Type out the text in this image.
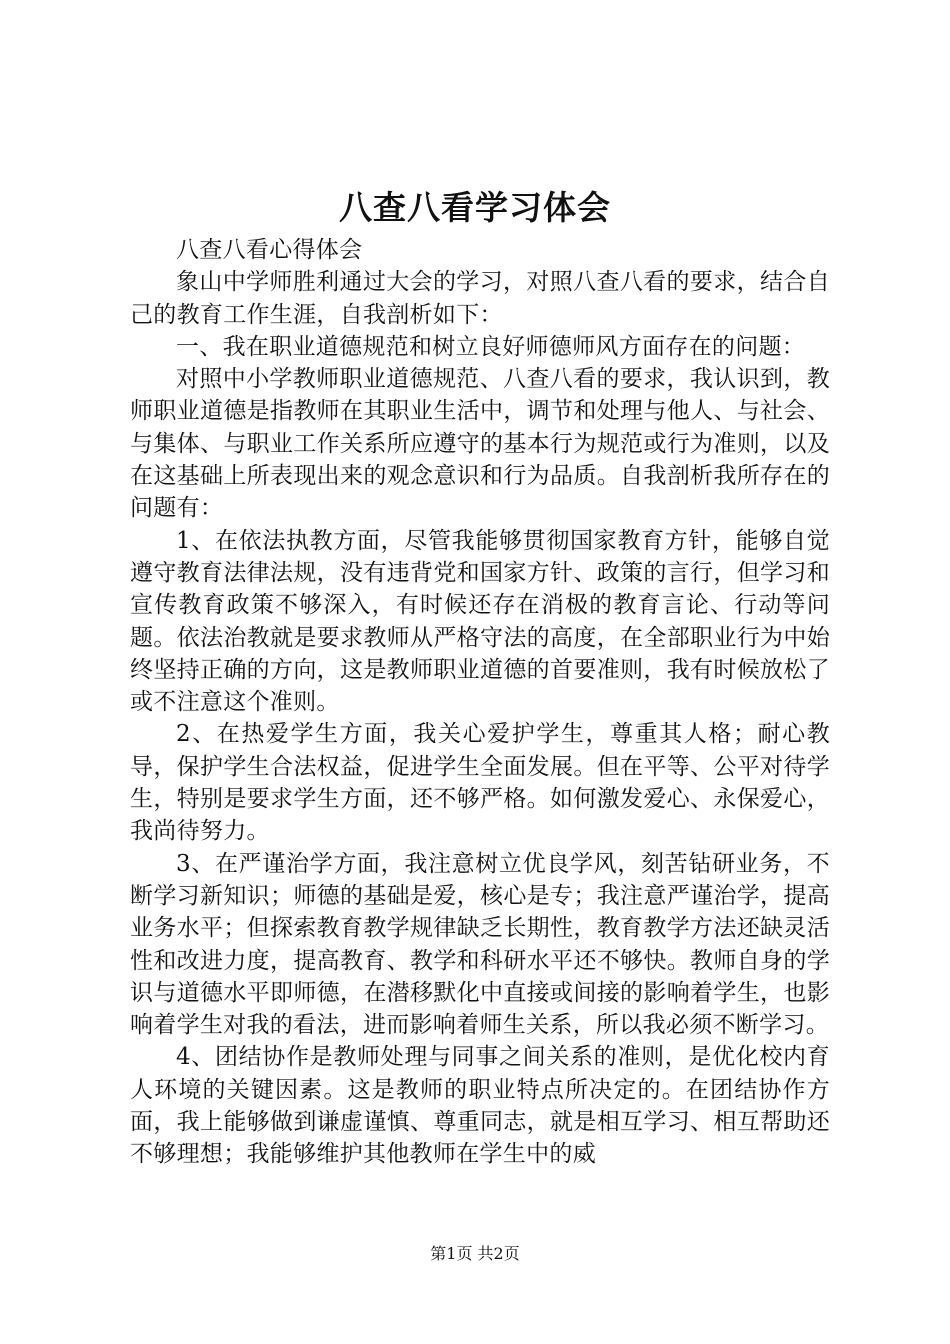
八查八看学习体会

八查八看心得体会

象山中学师胜利通过大会的学习，对照八查八看的要求，结合自己的教育工作生涯，自我剖析如下：

一、我在职业道德规范和树立良好师德师风方面存在的问题：

对照中小学教师职业道德规范、八查八看的要求，我认识到，教师职业道德是指教师在其职业生活中，调节和处理与他人、与社会、与集体、与职业工作关系所应遵守的基本行为规范或行为准则，以及在这基础上所表现出来的观念意识和行为品质。自我剖析我所存在的问题有：

1、在依法执教方面，尽管我能够贯彻国家教育方针，能够自觉遵守教育法律法规，没有违背党和国家方针、政策的言行，但学习和宣传教育政策不够深入，有时候还存在消极的教育言论、行动等问题。依法治教就是要求教师从严格守法的高度，在全部职业行为中始终坚持正确的方向，这是教师职业道德的首要准则，我有时候放松了或不注意这个准则。

2、在热爱学生方面，我关心爱护学生，尊重其人格；耐心教导，保护学生合法权益，促进学生全面发展。但在平等、公平对待学生，特别是要求学生方面，还不够严格。如何激发爱心、永保爱心，我尚待努力。

3、在严谨治学方面，我注意树立优良学风，刻苦钻研业务，不断学习新知识；师德的基础是爱，核心是专；我注意严谨治学，提高业务水平；但探索教育教学规律缺乏长期性，教育教学方法还缺灵活性和改进力度，提高教育、教学和科研水平还不够快。教师自身的学识与道德水平即师德，在潜移默化中直接或间接的影响着学生，也影响着学生对我的看法，进而影响着师生关系，所以我必须不断学习。

4、团结协作是教师处理与同事之间关系的准则，是优化校内育人环境的关键因素。这是教师的职业特点所决定的。在团结协作方面，我上能够做到谦虚谨慎、尊重同志，就是相互学习、相互帮助还不够理想；我能够维护其他教师在学生中的威

第1页 共2页
